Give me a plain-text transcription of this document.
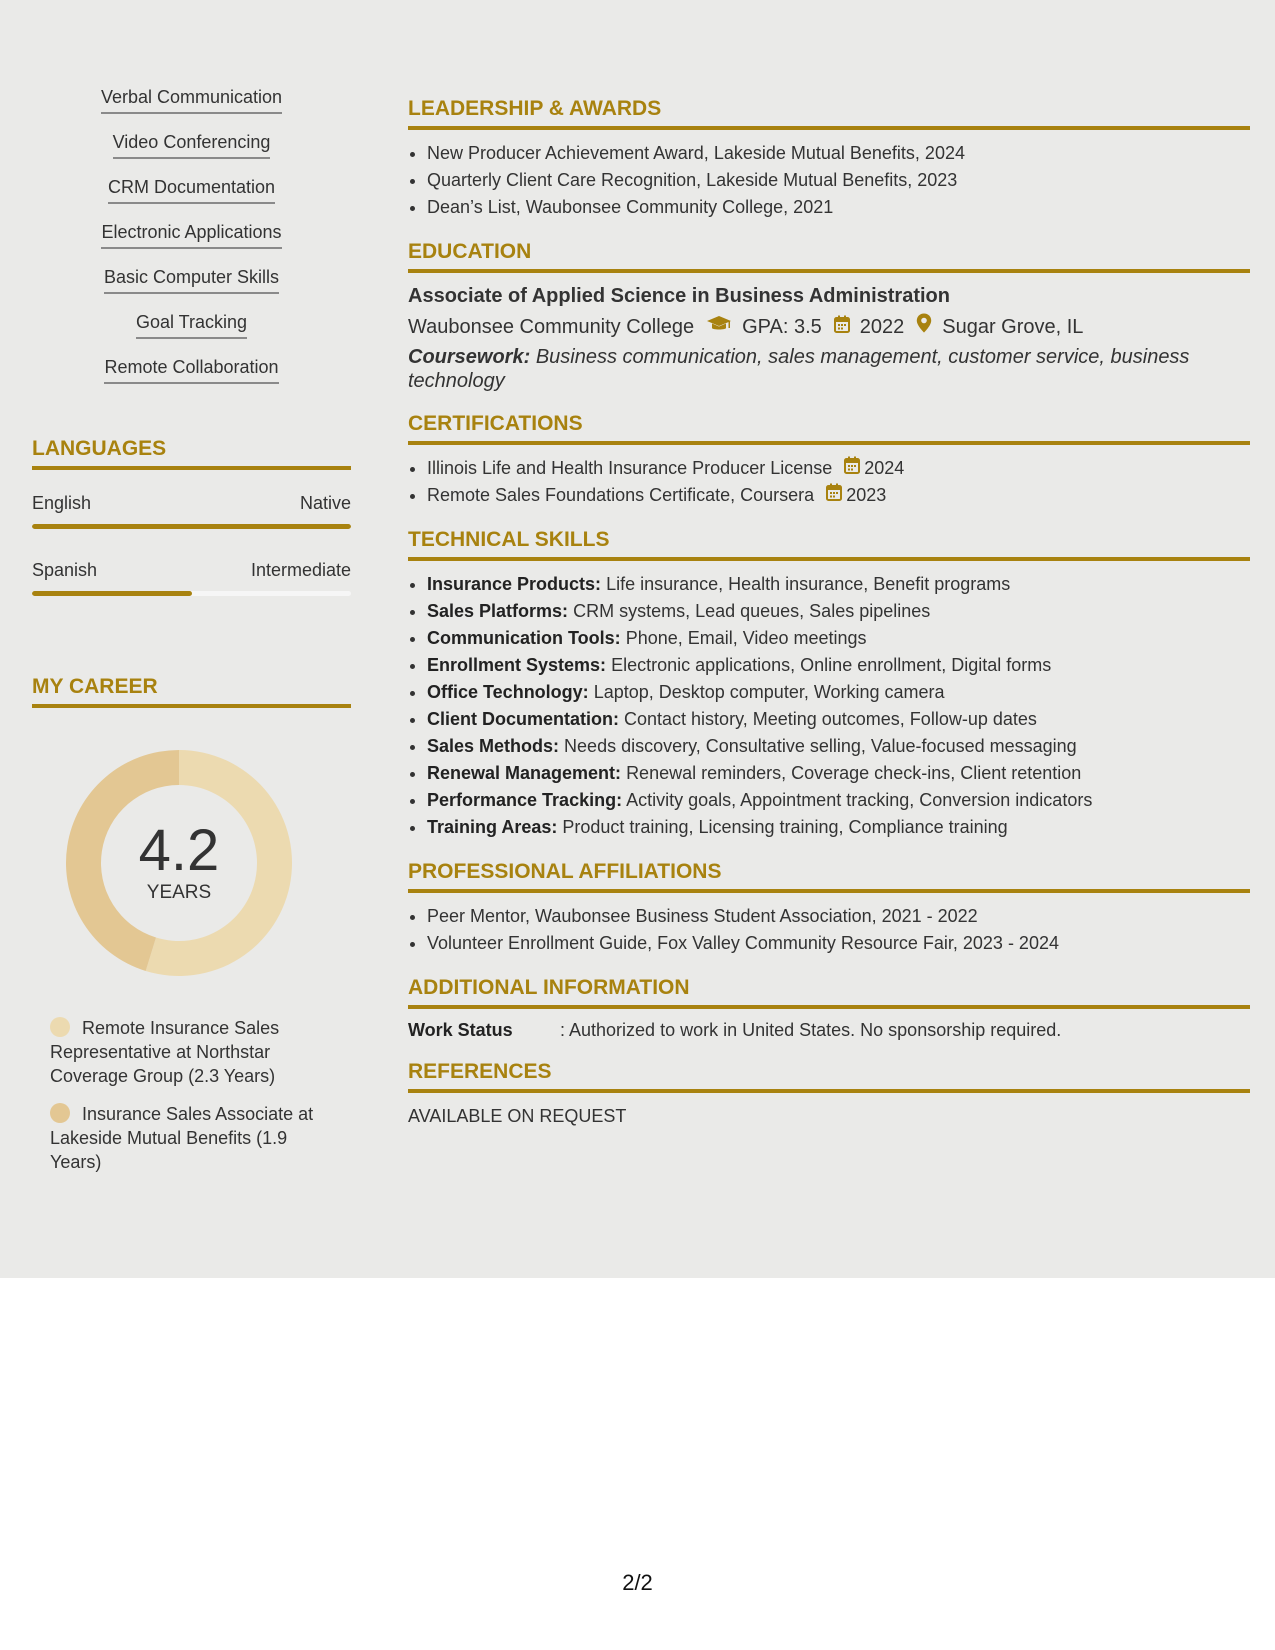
Verbal Communication
Video Conferencing
CRM Documentation
Electronic Applications
Basic Computer Skills
Goal Tracking
Remote Collaboration
LANGUAGES
English	Native
Spanish	Intermediate
MY CAREER
4.2
YEARS
Remote Insurance Sales Representative at Northstar Coverage Group (2.3 Years)
Insurance Sales Associate at Lakeside Mutual Benefits (1.9 Years)
LEADERSHIP & AWARDS
• New Producer Achievement Award, Lakeside Mutual Benefits, 2024
• Quarterly Client Care Recognition, Lakeside Mutual Benefits, 2023
• Dean’s List, Waubonsee Community College, 2021
EDUCATION
Associate of Applied Science in Business Administration
Waubonsee Community College GPA: 3.5 2022 Sugar Grove, IL
Coursework: Business communication, sales management, customer service, business technology
CERTIFICATIONS
• Illinois Life and Health Insurance Producer License 2024
• Remote Sales Foundations Certificate, Coursera 2023
TECHNICAL SKILLS
• Insurance Products: Life insurance, Health insurance, Benefit programs
• Sales Platforms: CRM systems, Lead queues, Sales pipelines
• Communication Tools: Phone, Email, Video meetings
• Enrollment Systems: Electronic applications, Online enrollment, Digital forms
• Office Technology: Laptop, Desktop computer, Working camera
• Client Documentation: Contact history, Meeting outcomes, Follow-up dates
• Sales Methods: Needs discovery, Consultative selling, Value-focused messaging
• Renewal Management: Renewal reminders, Coverage check-ins, Client retention
• Performance Tracking: Activity goals, Appointment tracking, Conversion indicators
• Training Areas: Product training, Licensing training, Compliance training
PROFESSIONAL AFFILIATIONS
• Peer Mentor, Waubonsee Business Student Association, 2021 - 2022
• Volunteer Enrollment Guide, Fox Valley Community Resource Fair, 2023 - 2024
ADDITIONAL INFORMATION
Work Status	: Authorized to work in United States. No sponsorship required.
REFERENCES
AVAILABLE ON REQUEST
2/2
